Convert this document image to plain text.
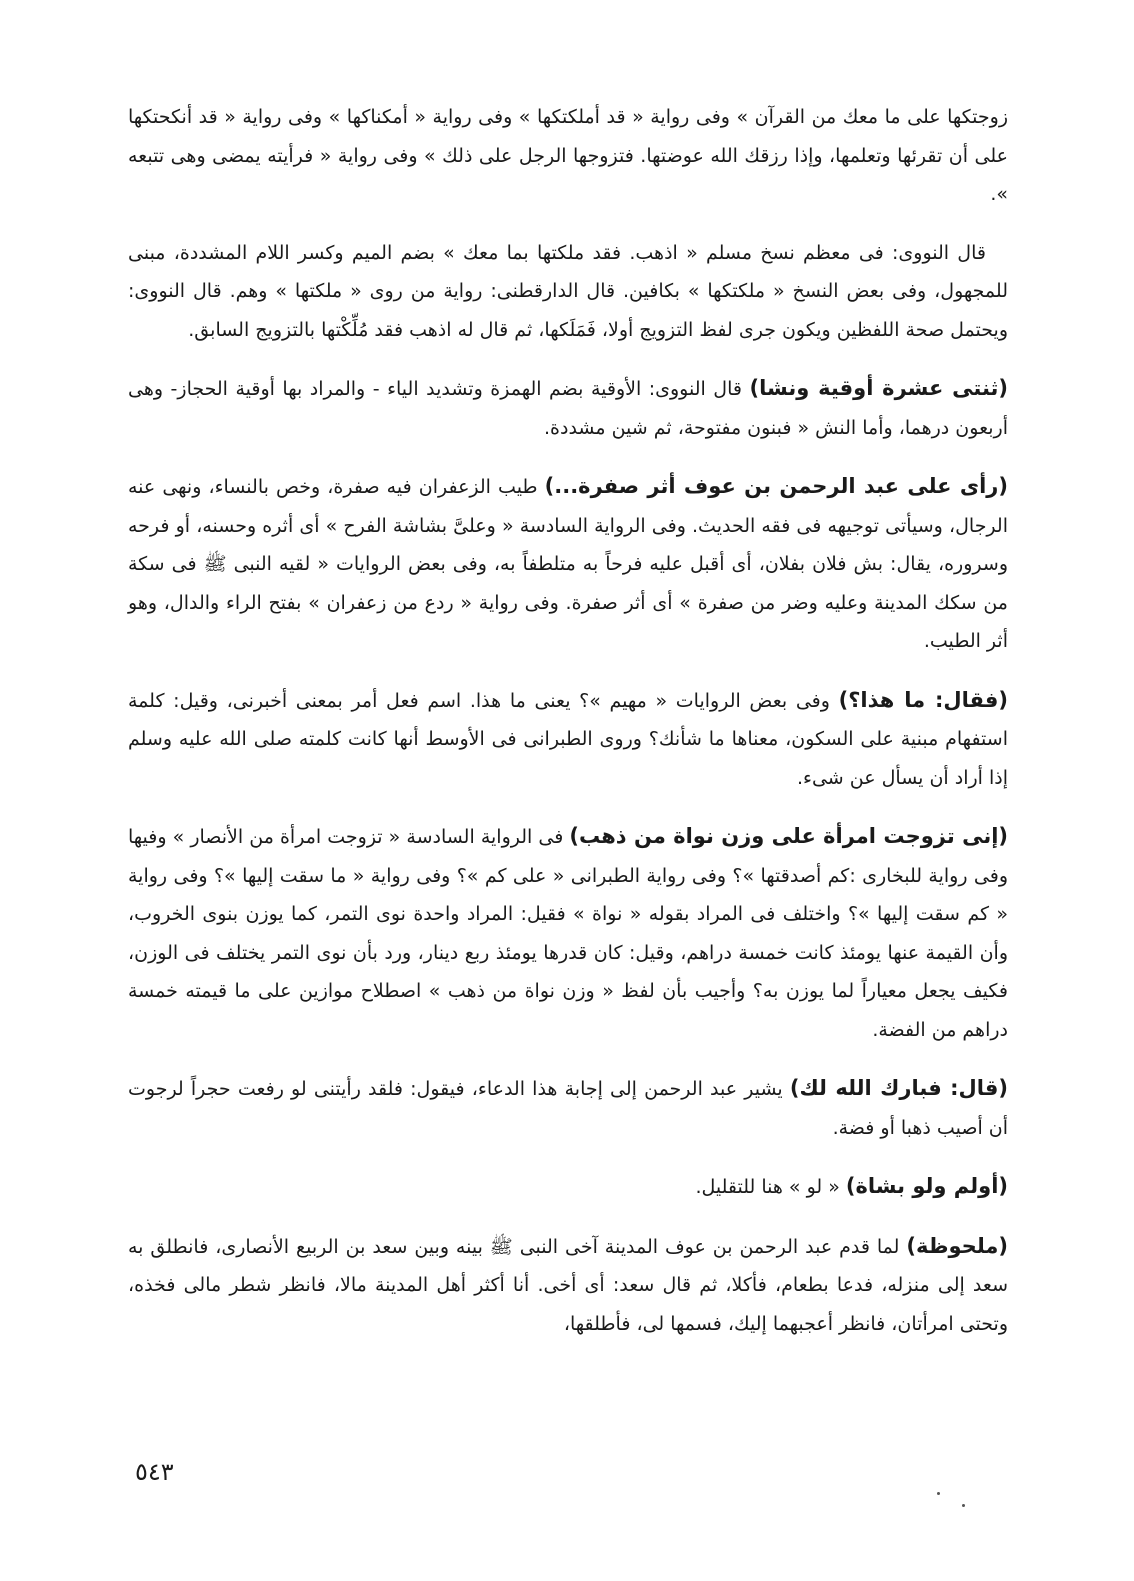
زوجتكها على ما معك من القرآن » وفى رواية « قد أملكتكها » وفى رواية « أمكناكها » وفى رواية « قد أنكحتكها على أن تقرئها وتعلمها، وإذا رزقك الله عوضتها. فتزوجها الرجل على ذلك » وفى رواية « فرأيته يمضى وهى تتبعه ».

قال النووى: فى معظم نسخ مسلم « اذهب. فقد ملكتها بما معك » بضم الميم وكسر اللام المشددة، مبنى للمجهول، وفى بعض النسخ « ملكتكها » بكافين. قال الدارقطنى: رواية من روى « ملكتها » وهم. قال النووى: ويحتمل صحة اللفظين ويكون جرى لفظ التزويج أولا، فَمَلَكها، ثم قال له اذهب فقد مُلِّكْتها بالتزويج السابق.

(ثنتى عشرة أوقية ونشا) قال النووى: الأوقية بضم الهمزة وتشديد الياء - والمراد بها أوقية الحجاز- وهى أربعون درهما، وأما النش « فبنون مفتوحة، ثم شين مشددة.

(رأى على عبد الرحمن بن عوف أثر صفرة...) طيب الزعفران فيه صفرة، وخص بالنساء، ونهى عنه الرجال، وسيأتى توجيهه فى فقه الحديث. وفى الرواية السادسة « وعلىَّ بشاشة الفرح » أى أثره وحسنه، أو فرحه وسروره، يقال: بش فلان بفلان، أى أقبل عليه فرحاً به متلطفاً به، وفى بعض الروايات « لقيه النبى ﷺ فى سكة من سكك المدينة وعليه وضر من صفرة » أى أثر صفرة. وفى رواية « ردع من زعفران » بفتح الراء والدال، وهو أثر الطيب.

(فقال: ما هذا؟) وفى بعض الروايات « مهيم »؟ يعنى ما هذا. اسم فعل أمر بمعنى أخبرنى، وقيل: كلمة استفهام مبنية على السكون، معناها ما شأنك؟ وروى الطبرانى فى الأوسط أنها كانت كلمته صلى الله عليه وسلم إذا أراد أن يسأل عن شىء.

(إنى تزوجت امرأة على وزن نواة من ذهب) فى الرواية السادسة « تزوجت امرأة من الأنصار » وفيها وفى رواية للبخارى :كم أصدقتها »؟ وفى رواية الطبرانى « على كم »؟ وفى رواية « ما سقت إليها »؟ وفى رواية « كم سقت إليها »؟ واختلف فى المراد بقوله « نواة » فقيل: المراد واحدة نوى التمر، كما يوزن بنوى الخروب، وأن القيمة عنها يومئذ كانت خمسة دراهم، وقيل: كان قدرها يومئذ ربع دينار، ورد بأن نوى التمر يختلف فى الوزن، فكيف يجعل معياراً لما يوزن به؟ وأجيب بأن لفظ « وزن نواة من ذهب » اصطلاح موازين على ما قيمته خمسة دراهم من الفضة.

(قال: فبارك الله لك) يشير عبد الرحمن إلى إجابة هذا الدعاء، فيقول: فلقد رأيتنى لو رفعت حجراً لرجوت أن أصيب ذهبا أو فضة.

(أولم ولو بشاة) « لو » هنا للتقليل.

(ملحوظة) لما قدم عبد الرحمن بن عوف المدينة آخى النبى ﷺ بينه وبين سعد بن الربيع الأنصارى، فانطلق به سعد إلى منزله، فدعا بطعام، فأكلا، ثم قال سعد: أى أخى. أنا أكثر أهل المدينة مالا، فانظر شطر مالى فخذه، وتحتى امرأتان، فانظر أعجبهما إليك، فسمها لى، فأطلقها،

٥٤٣
